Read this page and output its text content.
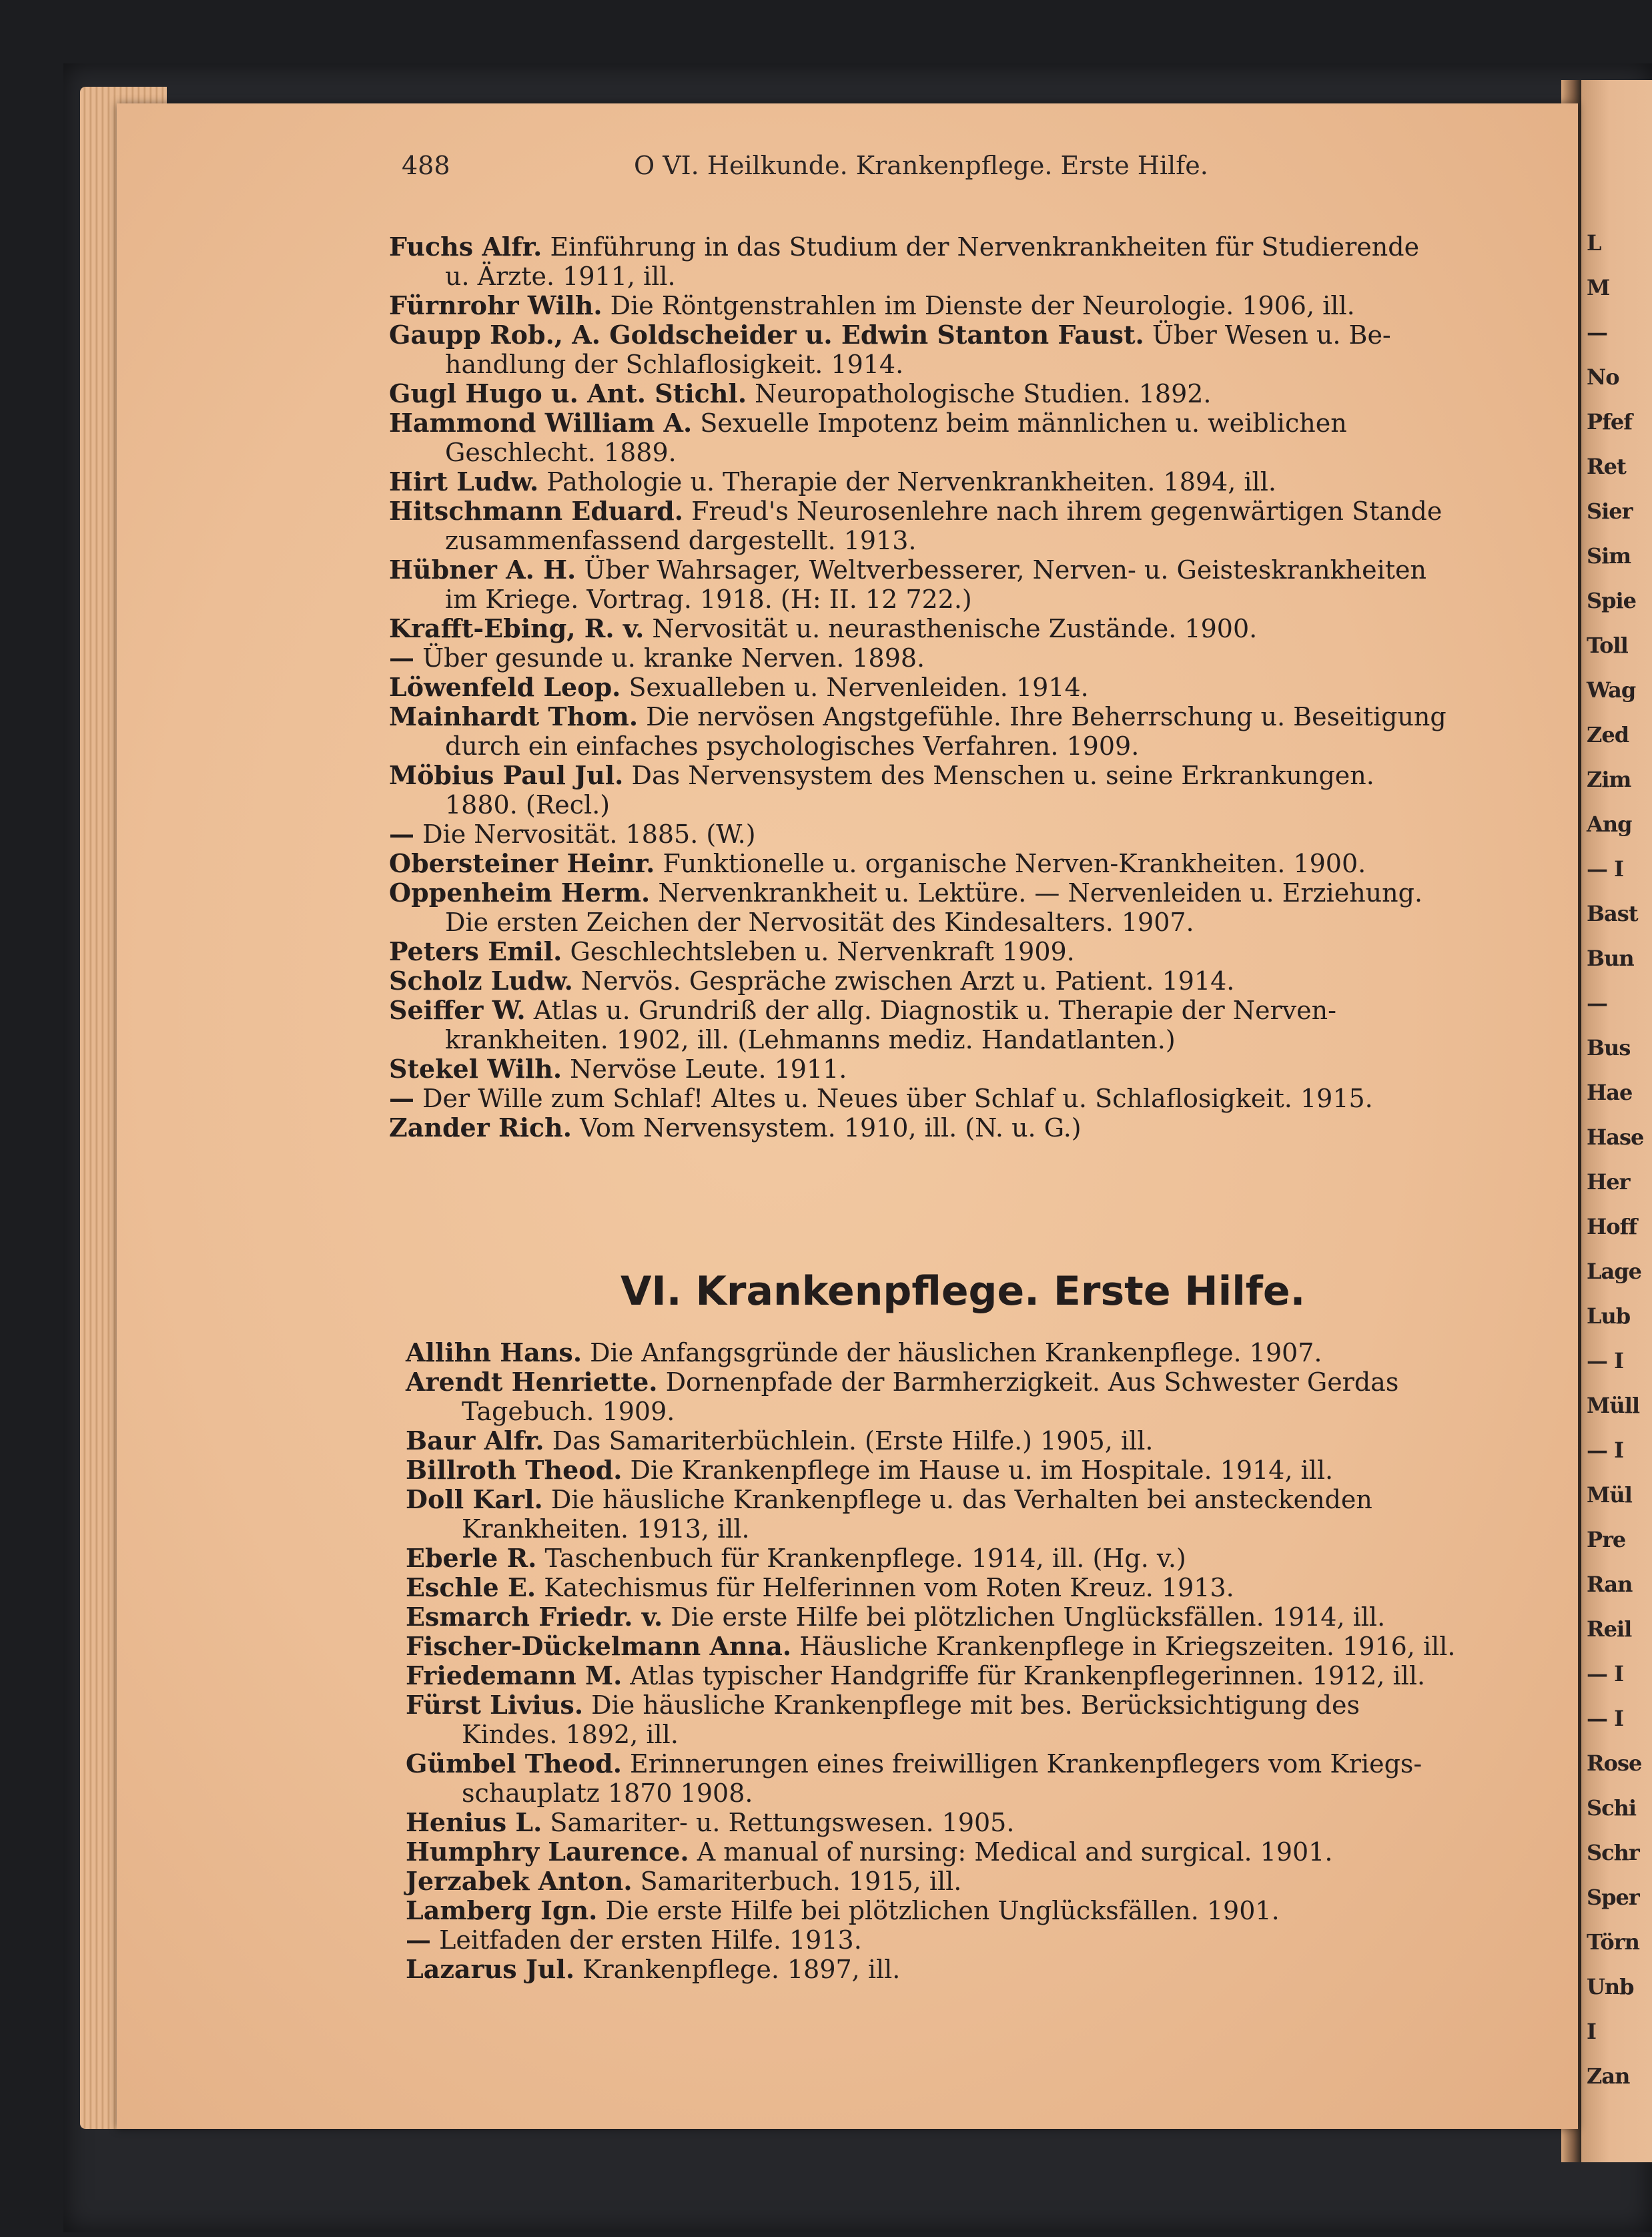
L
M
—
No
Pfef
Ret
Sier
Sim
Spie
Toll
Wag
Zed
Zim
Ang
— I
Bast
Bun
—
Bus
Hae
Hase
Her
Hoff
Lage
Lub
— I
Müll
— I
Mül
Pre
Ran
Reil
— I
— I
Rose
Schi
Schr
Sper
Törn
Unb
I
Zan
488	O VI. Heilkunde. Krankenpflege. Erste Hilfe.
Fuchs Alfr. Einführung in das Studium der Nervenkrankheiten für Studierende
u. Ärzte. 1911, ill.
Fürnrohr Wilh. Die Röntgenstrahlen im Dienste der Neurologie. 1906, ill.
Gaupp Rob., A. Goldscheider u. Edwin Stanton Faust. Über Wesen u. Be-
handlung der Schlaflosigkeit. 1914.
Gugl Hugo u. Ant. Stichl. Neuropathologische Studien. 1892.
Hammond William A. Sexuelle Impotenz beim männlichen u. weiblichen
Geschlecht. 1889.
Hirt Ludw. Pathologie u. Therapie der Nervenkrankheiten. 1894, ill.
Hitschmann Eduard. Freud's Neurosenlehre nach ihrem gegenwärtigen Stande
zusammenfassend dargestellt. 1913.
Hübner A. H. Über Wahrsager, Weltverbesserer, Nerven- u. Geisteskrankheiten
im Kriege. Vortrag. 1918. (H: II. 12 722.)
Krafft-Ebing, R. v. Nervosität u. neurasthenische Zustände. 1900.
— Über gesunde u. kranke Nerven. 1898.
Löwenfeld Leop. Sexualleben u. Nervenleiden. 1914.
Mainhardt Thom. Die nervösen Angstgefühle. Ihre Beherrschung u. Beseitigung
durch ein einfaches psychologisches Verfahren. 1909.
Möbius Paul Jul. Das Nervensystem des Menschen u. seine Erkrankungen.
1880. (Recl.)
— Die Nervosität. 1885. (W.)
Obersteiner Heinr. Funktionelle u. organische Nerven-Krankheiten. 1900.
Oppenheim Herm. Nervenkrankheit u. Lektüre. — Nervenleiden u. Erziehung.
Die ersten Zeichen der Nervosität des Kindesalters. 1907.
Peters Emil. Geschlechtsleben u. Nervenkraft 1909.
Scholz Ludw. Nervös. Gespräche zwischen Arzt u. Patient. 1914.
Seiffer W. Atlas u. Grundriß der allg. Diagnostik u. Therapie der Nerven-
krankheiten. 1902, ill. (Lehmanns mediz. Handatlanten.)
Stekel Wilh. Nervöse Leute. 1911.
— Der Wille zum Schlaf! Altes u. Neues über Schlaf u. Schlaflosigkeit. 1915.
Zander Rich. Vom Nervensystem. 1910, ill. (N. u. G.)
VI. Krankenpflege. Erste Hilfe.
Allihn Hans. Die Anfangsgründe der häuslichen Krankenpflege. 1907.
Arendt Henriette. Dornenpfade der Barmherzigkeit. Aus Schwester Gerdas
Tagebuch. 1909.
Baur Alfr. Das Samariterbüchlein. (Erste Hilfe.) 1905, ill.
Billroth Theod. Die Krankenpflege im Hause u. im Hospitale. 1914, ill.
Doll Karl. Die häusliche Krankenpflege u. das Verhalten bei ansteckenden
Krankheiten. 1913, ill.
Eberle R. Taschenbuch für Krankenpflege. 1914, ill. (Hg. v.)
Eschle E. Katechismus für Helferinnen vom Roten Kreuz. 1913.
Esmarch Friedr. v. Die erste Hilfe bei plötzlichen Unglücksfällen. 1914, ill.
Fischer-Dückelmann Anna. Häusliche Krankenpflege in Kriegszeiten. 1916, ill.
Friedemann M. Atlas typischer Handgriffe für Krankenpflegerinnen. 1912, ill.
Fürst Livius. Die häusliche Krankenpflege mit bes. Berücksichtigung des
Kindes. 1892, ill.
Gümbel Theod. Erinnerungen eines freiwilligen Krankenpflegers vom Kriegs-
schauplatz 1870 1908.
Henius L. Samariter- u. Rettungswesen. 1905.
Humphry Laurence. A manual of nursing: Medical and surgical. 1901.
Jerzabek Anton. Samariterbuch. 1915, ill.
Lamberg Ign. Die erste Hilfe bei plötzlichen Unglücksfällen. 1901.
— Leitfaden der ersten Hilfe. 1913.
Lazarus Jul. Krankenpflege. 1897, ill.
